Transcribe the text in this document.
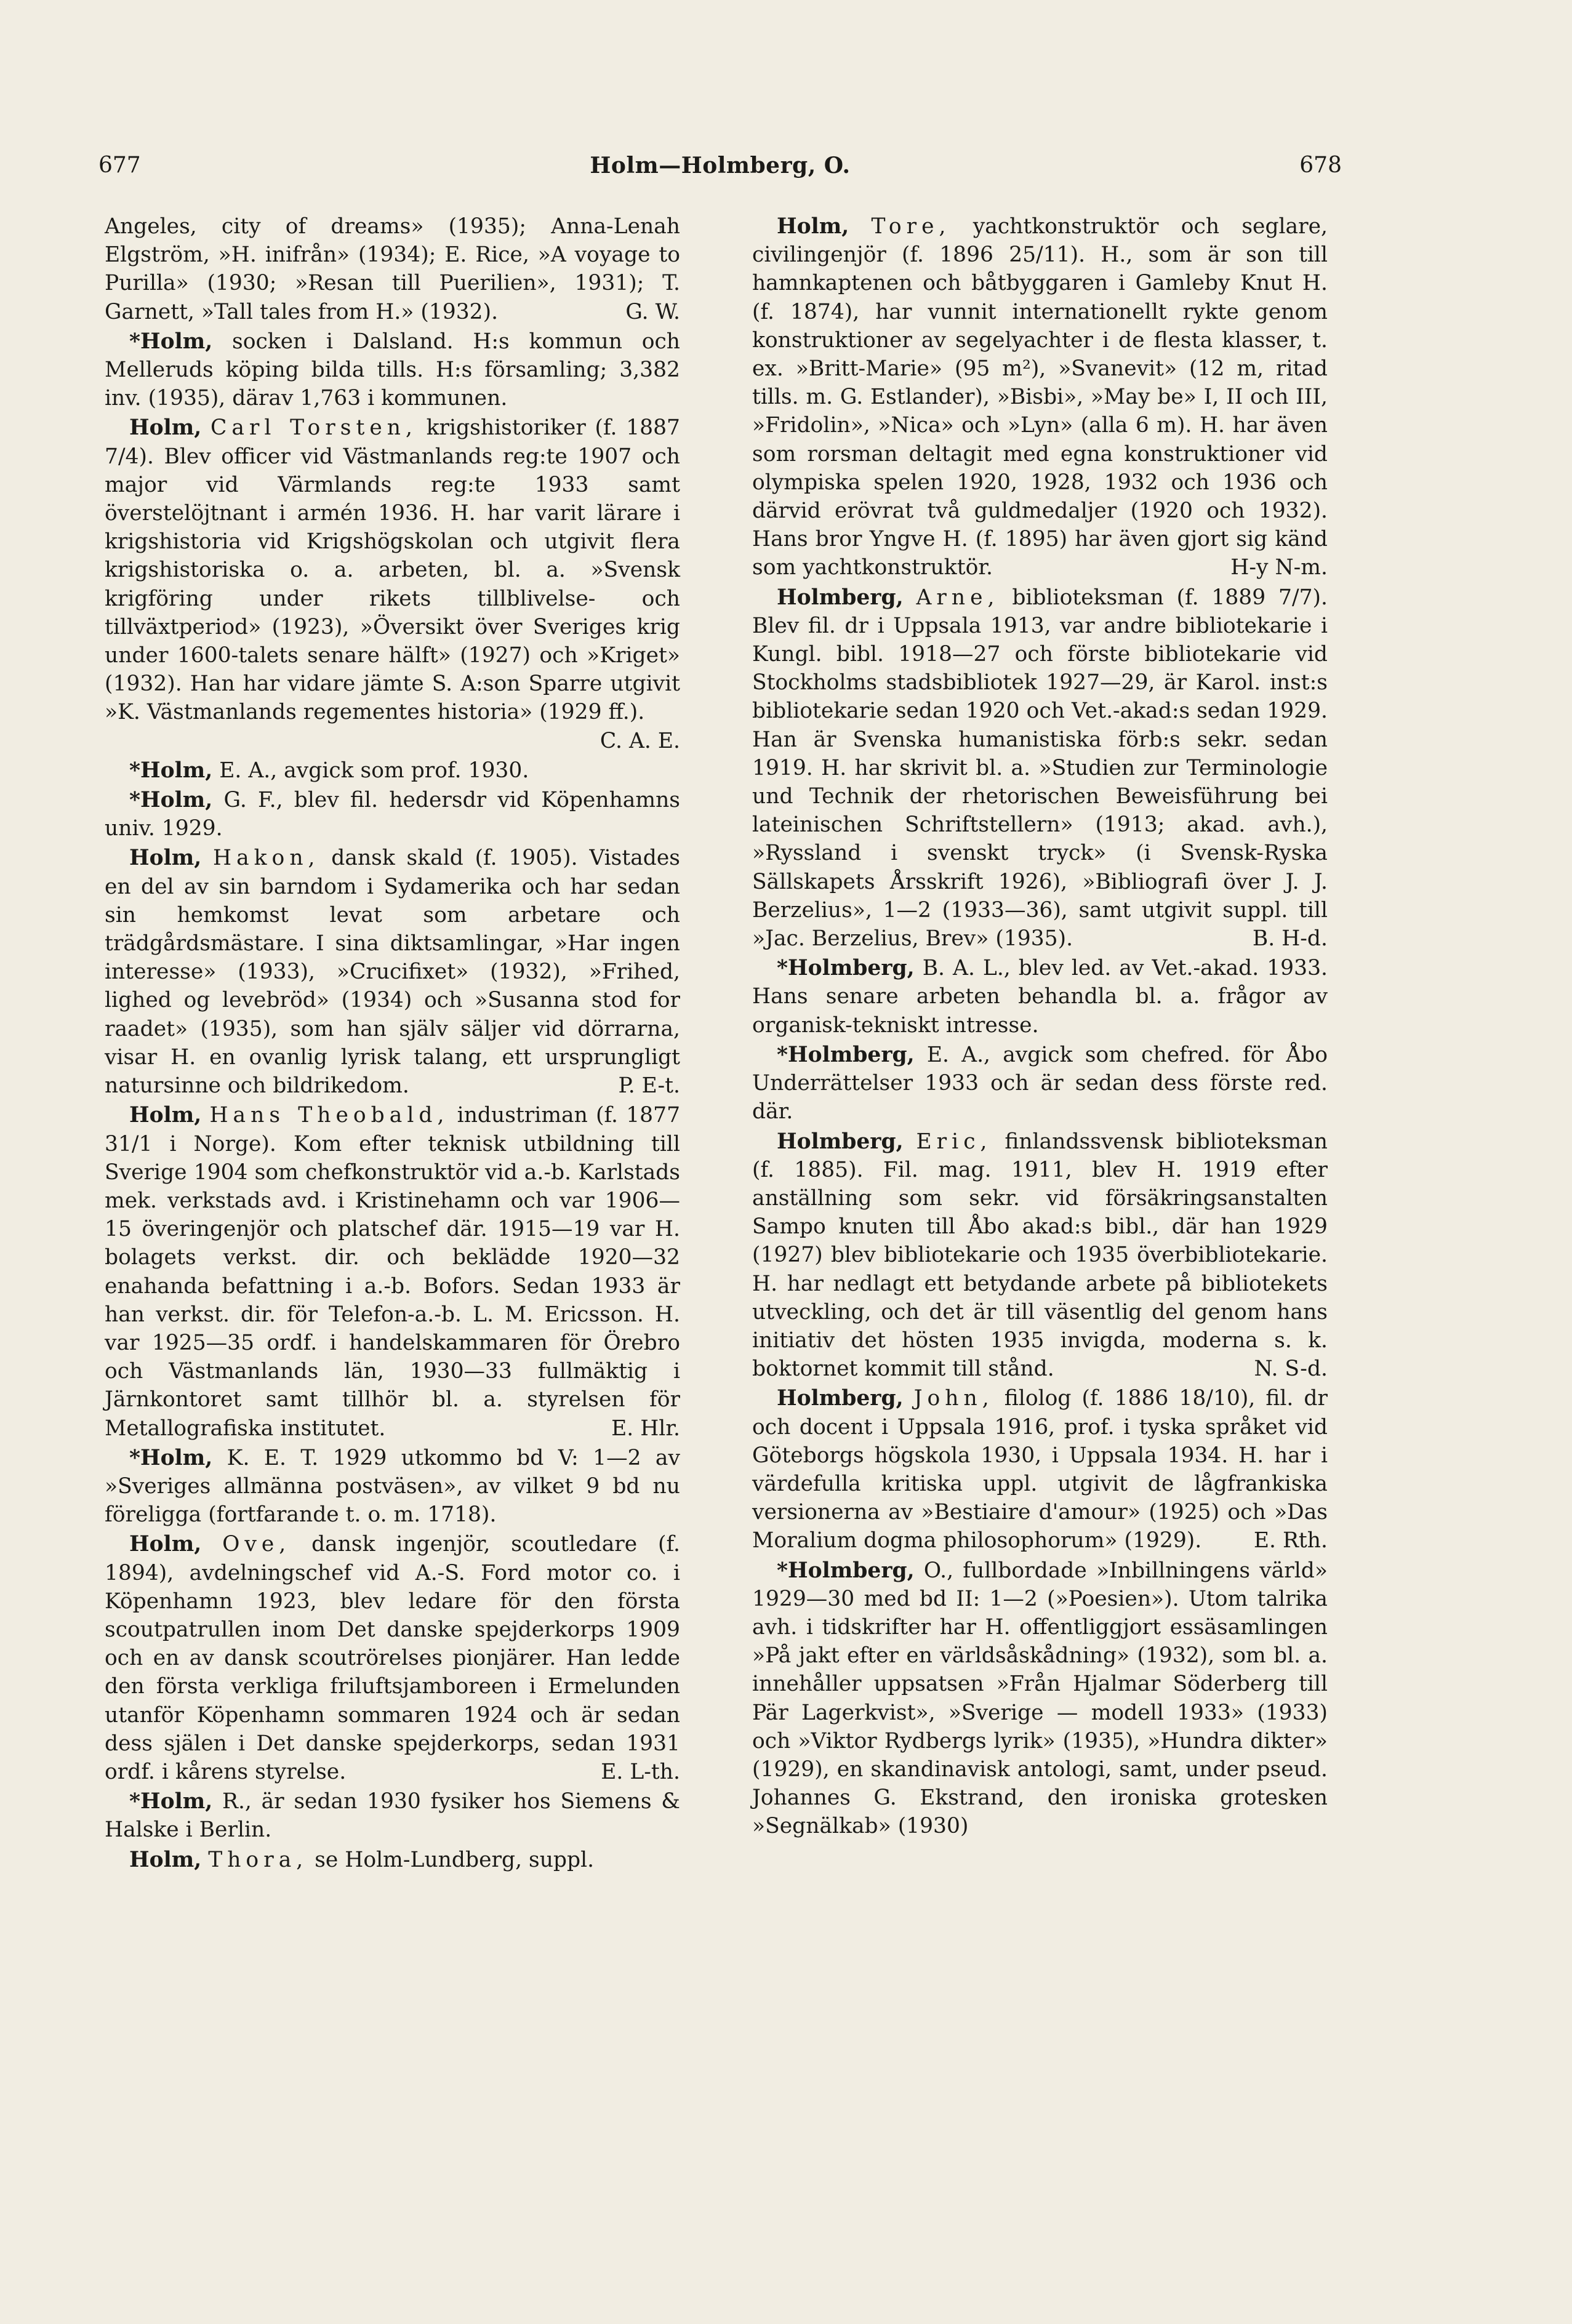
677	Holm—Holmberg, O.	678

Angeles, city of dreams» (1935); Anna-Lenah Elgström, »H. inifrån» (1934); E. Rice, »A voyage to Purilla» (1930; »Resan till Puerilien», 1931); T. Garnett, »Tall tales from H.» (1932).	G. W.

*Holm, socken i Dalsland. H:s kommun och Melleruds köping bilda tills. H:s församling; 3,382 inv. (1935), därav 1,763 i kommunen.

Holm, Carl Torsten, krigshistoriker (f. 1887 7/4). Blev officer vid Västmanlands reg:te 1907 och major vid Värmlands reg:te 1933 samt överstelöjtnant i armén 1936. H. har varit lärare i krigshistoria vid Krigshögskolan och utgivit flera krigshistoriska o. a. arbeten, bl. a. »Svensk krigföring under rikets tillblivelse- och tillväxtperiod» (1923), »Översikt över Sveriges krig under 1600-talets senare hälft» (1927) och »Kriget» (1932). Han har vidare jämte S. A:son Sparre utgivit »K. Västmanlands regementes historia» (1929 ff.).
C. A. E.

*Holm, E. A., avgick som prof. 1930.

*Holm, G. F., blev fil. hedersdr vid Köpenhamns univ. 1929.

Holm, Hakon, dansk skald (f. 1905). Vistades en del av sin barndom i Sydamerika och har sedan sin hemkomst levat som arbetare och trädgårdsmästare. I sina diktsamlingar, »Har ingen interesse» (1933), »Crucifixet» (1932), »Frihed, lighed og levebröd» (1934) och »Susanna stod for raadet» (1935), som han själv säljer vid dörrarna, visar H. en ovanlig lyrisk talang, ett ursprungligt natursinne och bildrikedom.	P. E-t.

Holm, Hans Theobald, industriman (f. 1877 31/1 i Norge). Kom efter teknisk utbildning till Sverige 1904 som chefkonstruktör vid a.-b. Karlstads mek. verkstads avd. i Kristinehamn och var 1906—15 överingenjör och platschef där. 1915—19 var H. bolagets verkst. dir. och beklädde 1920—32 enahanda befattning i a.-b. Bofors. Sedan 1933 är han verkst. dir. för Telefon-a.-b. L. M. Ericsson. H. var 1925—35 ordf. i handelskammaren för Örebro och Västmanlands län, 1930—33 fullmäktig i Järnkontoret samt tillhör bl. a. styrelsen för Metallografiska institutet.	E. Hlr.

*Holm, K. E. T. 1929 utkommo bd V: 1—2 av »Sveriges allmänna postväsen», av vilket 9 bd nu föreligga (fortfarande t. o. m. 1718).

Holm, Ove, dansk ingenjör, scoutledare (f. 1894), avdelningschef vid A.-S. Ford motor co. i Köpenhamn 1923, blev ledare för den första scoutpatrullen inom Det danske spejderkorps 1909 och en av dansk scoutrörelses pionjärer. Han ledde den första verkliga friluftsjamboreen i Ermelunden utanför Köpenhamn sommaren 1924 och är sedan dess själen i Det danske spejderkorps, sedan 1931 ordf. i kårens styrelse.	E. L-th.

*Holm, R., är sedan 1930 fysiker hos Siemens & Halske i Berlin.

Holm, Thora, se Holm-Lundberg, suppl.

Holm, Tore, yachtkonstruktör och seglare, civilingenjör (f. 1896 25/11). H., som är son till hamnkaptenen och båtbyggaren i Gamleby Knut H. (f. 1874), har vunnit internationellt rykte genom konstruktioner av segelyachter i de flesta klasser, t. ex. »Britt-Marie» (95 m²), »Svanevit» (12 m, ritad tills. m. G. Estlander), »Bisbi», »May be» I, II och III, »Fridolin», »Nica» och »Lyn» (alla 6 m). H. har även som rorsman deltagit med egna konstruktioner vid olympiska spelen 1920, 1928, 1932 och 1936 och därvid erövrat två guldmedaljer (1920 och 1932). Hans bror Yngve H. (f. 1895) har även gjort sig känd som yachtkonstruktör.	H-y N-m.

Holmberg, Arne, biblioteksman (f. 1889 7/7). Blev fil. dr i Uppsala 1913, var andre bibliotekarie i Kungl. bibl. 1918—27 och förste bibliotekarie vid Stockholms stadsbibliotek 1927—29, är Karol. inst:s bibliotekarie sedan 1920 och Vet.-akad:s sedan 1929. Han är Svenska humanistiska förb:s sekr. sedan 1919. H. har skrivit bl. a. »Studien zur Terminologie und Technik der rhetorischen Beweisführung bei lateinischen Schriftstellern» (1913; akad. avh.), »Ryssland i svenskt tryck» (i Svensk-Ryska Sällskapets Årsskrift 1926), »Bibliografi över J. J. Berzelius», 1—2 (1933—36), samt utgivit suppl. till »Jac. Berzelius, Brev» (1935).	B. H-d.

*Holmberg, B. A. L., blev led. av Vet.-akad. 1933. Hans senare arbeten behandla bl. a. frågor av organisk-tekniskt intresse.

*Holmberg, E. A., avgick som chefred. för Åbo Underrättelser 1933 och är sedan dess förste red. där.

Holmberg, Eric, finlandssvensk biblioteksman (f. 1885). Fil. mag. 1911, blev H. 1919 efter anställning som sekr. vid försäkringsanstalten Sampo knuten till Åbo akad:s bibl., där han 1929 (1927) blev bibliotekarie och 1935 överbibliotekarie. H. har nedlagt ett betydande arbete på bibliotekets utveckling, och det är till väsentlig del genom hans initiativ det hösten 1935 invigda, moderna s. k. boktornet kommit till stånd.	N. S-d.

Holmberg, John, filolog (f. 1886 18/10), fil. dr och docent i Uppsala 1916, prof. i tyska språket vid Göteborgs högskola 1930, i Uppsala 1934. H. har i värdefulla kritiska uppl. utgivit de lågfrankiska versionerna av »Bestiaire d'amour» (1925) och »Das Moralium dogma philosophorum» (1929).	E. Rth.

*Holmberg, O., fullbordade »Inbillningens värld» 1929—30 med bd II: 1—2 (»Poesien»). Utom talrika avh. i tidskrifter har H. offentliggjort essäsamlingen »På jakt efter en världsåskådning» (1932), som bl. a. innehåller uppsatsen »Från Hjalmar Söderberg till Pär Lagerkvist», »Sverige — modell 1933» (1933) och »Viktor Rydbergs lyrik» (1935), »Hundra dikter» (1929), en skandinavisk antologi, samt, under pseud. Johannes G. Ekstrand, den ironiska grotesken »Segnälkab» (1930)
